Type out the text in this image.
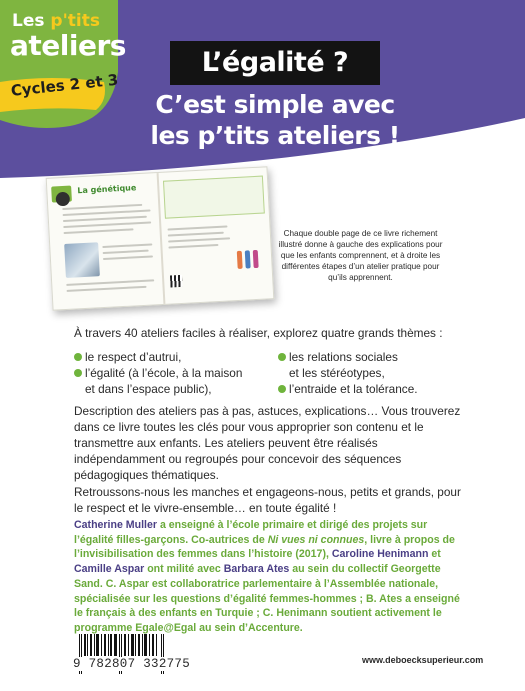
Les p'tits
ateliers
Cycles 2 et 3
L’égalité ?
C’est simple avec
les p’tits ateliers !
La génétique
Chaque double page de ce livre richement illustré donne à gauche des explications pour que les enfants comprennent, et à droite les différentes étapes d’un atelier pratique pour qu’ils apprennent.
À travers 40 ateliers faciles à réaliser, explorez quatre grands thèmes :
le respect d’autrui,
l’égalité (à l’école, à la maison
et dans l’espace public),
les relations sociales
et les stéréotypes,
l’entraide et la tolérance.
Description des ateliers pas à pas, astuces, explications… Vous trouverez dans ce livre toutes les clés pour vous approprier son contenu et le transmettre aux enfants. Les ateliers peuvent être réalisés indépendamment ou regroupés pour concevoir des séquences pédagogiques thématiques.
Retroussons-nous les manches et engageons-nous, petits et grands, pour le respect et le vivre-ensemble… en toute égalité !
Catherine Muller a enseigné à l’école primaire et dirigé des projets sur l’égalité filles-garçons. Co-autrices de Ni vues ni connues, livre à propos de l’invisibilisation des femmes dans l’histoire (2017), Caroline Henimann et Camille Aspar ont milité avec Barbara Ates au sein du collectif Georgette Sand. C. Aspar est collaboratrice parlementaire à l’Assemblée nationale, spécialisée sur les questions d’égalité femmes-hommes ; B. Ates a enseigné le français à des enfants en Turquie ; C. Henimann soutient activement le programme Egale@Egal au sein d’Accenture.
9 782807 332775	www.deboecksuperieur.com
